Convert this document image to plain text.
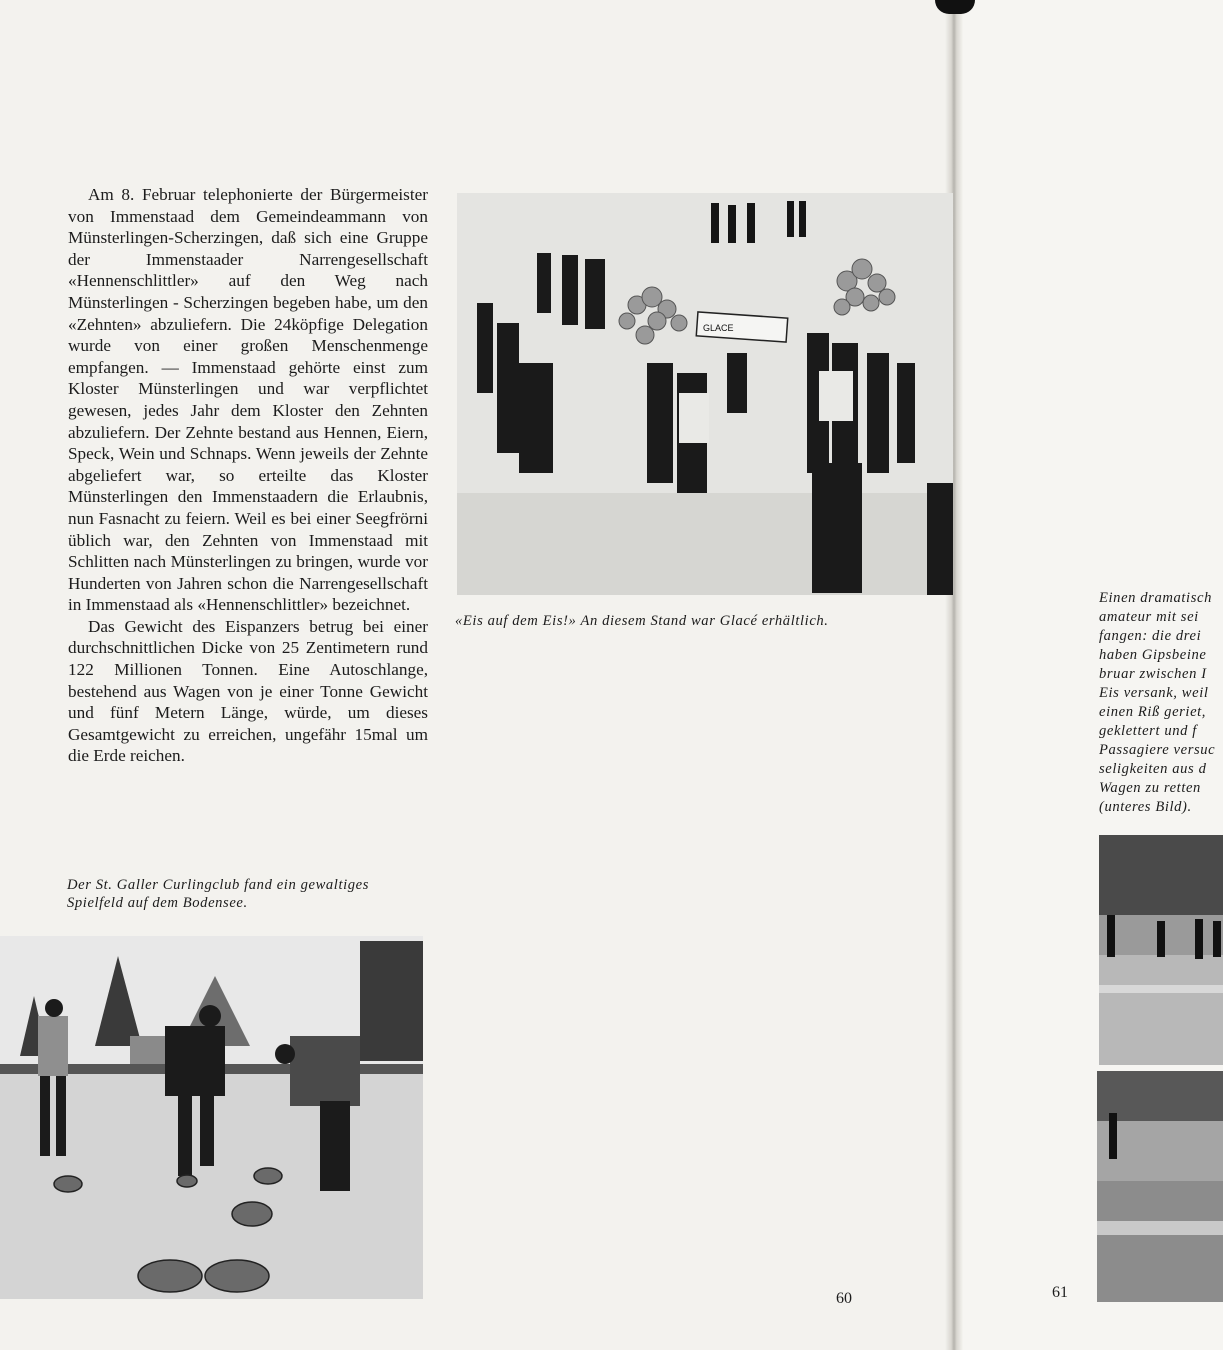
Am 8. Februar telephonierte der Bürgermeister von Immenstaad dem Gemeindeammann von Münsterlingen-Scherzingen, daß sich eine Gruppe der Immenstaader Narrengesellschaft «Hennenschlittler» auf den Weg nach Münsterlingen - Scherzingen begeben habe, um den «Zehnten» abzuliefern. Die 24köpfige Delegation wurde von einer großen Menschenmenge empfangen. — Immenstaad gehörte einst zum Kloster Münsterlingen und war verpflichtet gewesen, jedes Jahr dem Kloster den Zehnten abzuliefern. Der Zehnte bestand aus Hennen, Eiern, Speck, Wein und Schnaps. Wenn jeweils der Zehnte abgeliefert war, so erteilte das Kloster Münsterlingen den Immenstaadern die Erlaubnis, nun Fasnacht zu feiern. Weil es bei einer Seegfrörni üblich war, den Zehnten von Immenstaad mit Schlitten nach Münsterlingen zu bringen, wurde vor Hunderten von Jahren schon die Narrengesellschaft in Immenstaad als «Hennenschlittler» bezeichnet.

Das Gewicht des Eispanzers betrug bei einer durchschnittlichen Dicke von 25 Zentimetern rund 122 Millionen Tonnen. Eine Autoschlange, bestehend aus Wagen von je einer Tonne Gewicht und fünf Metern Länge, würde, um dieses Gesamtgewicht zu erreichen, ungefähr 15mal um die Erde reichen.

Der St. Galler Curlingclub fand ein gewaltiges Spielfeld auf dem Bodensee.
«Eis auf dem Eis!» An diesem Stand war Glacé erhältlich.
GLACE
Einen dramatisch
amateur mit sei
fangen: die drei
haben Gipsbeine
bruar zwischen I
Eis versank, weil
einen Riß geriet,
geklettert und f
Passagiere versuc
seligkeiten aus d
Wagen zu retten
(unteres Bild).
60	61
